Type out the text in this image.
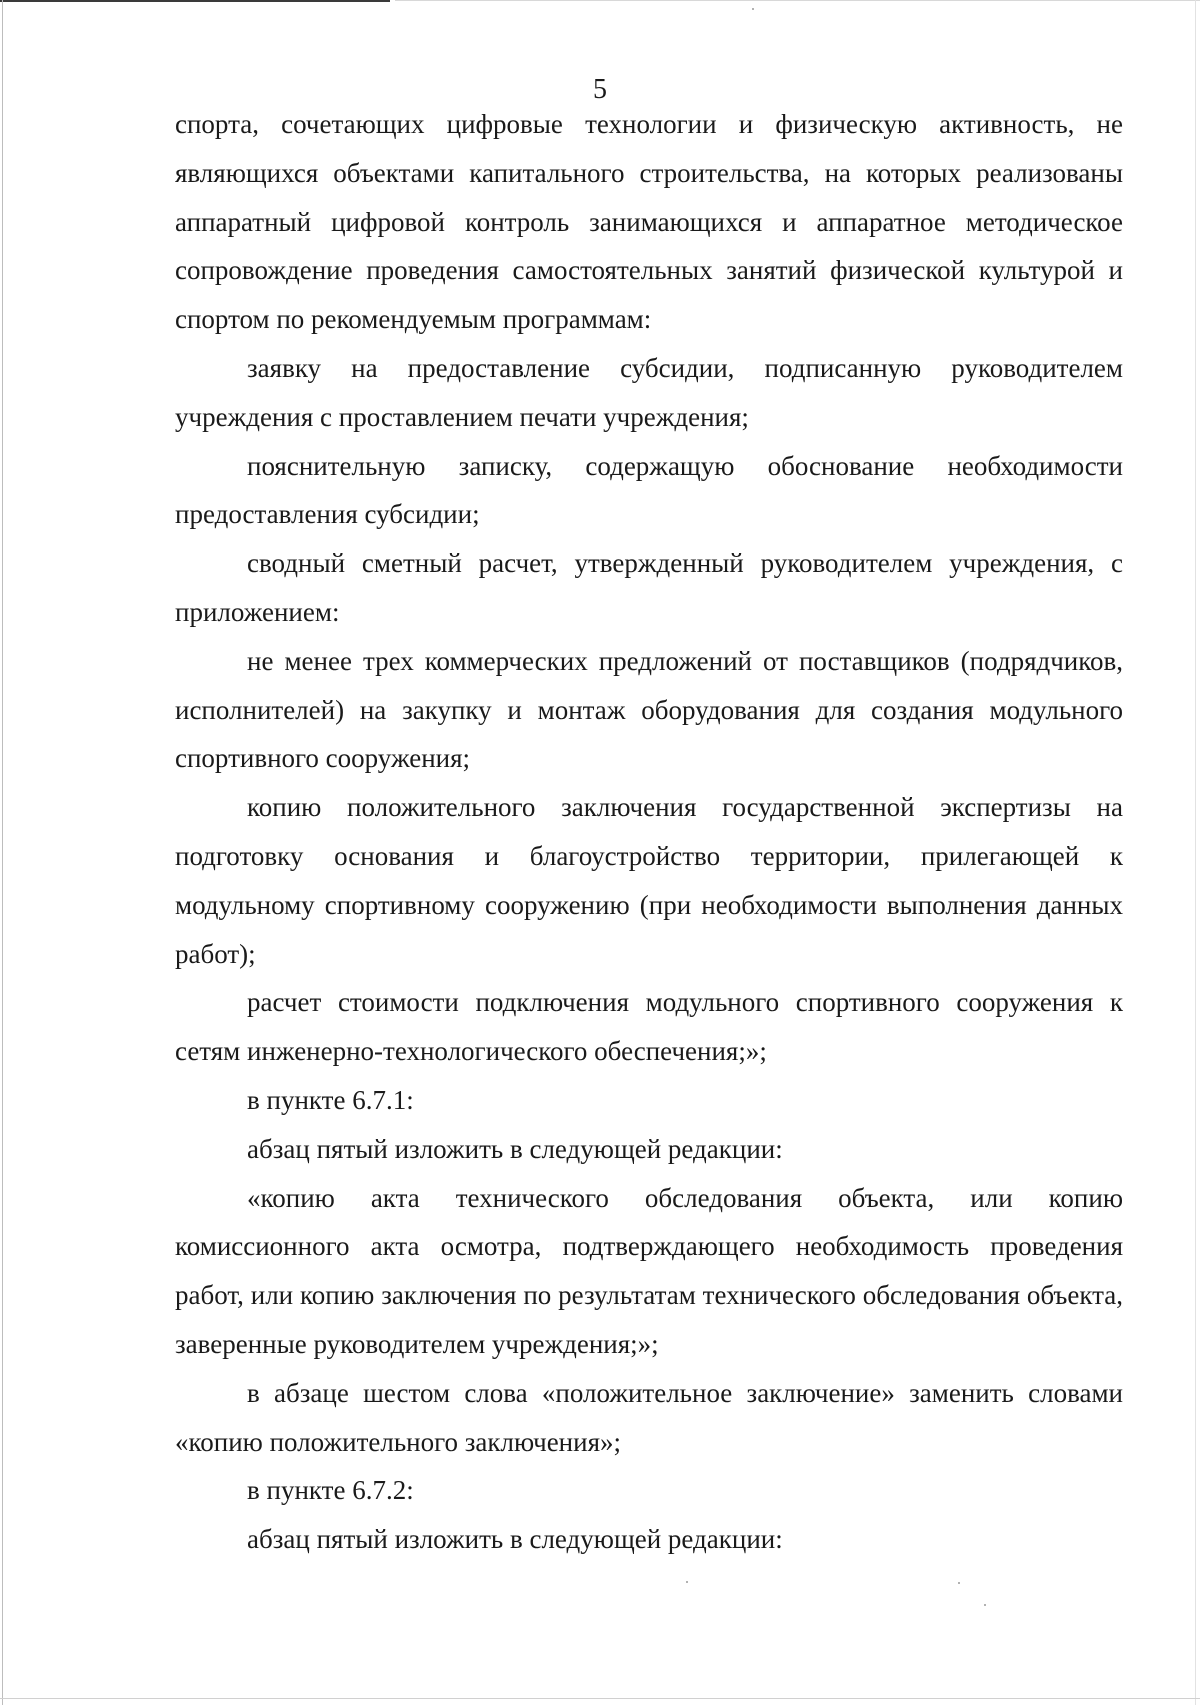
5

спорта, сочетающих цифровые технологии и физическую активность, не являющихся объектами капитального строительства, на которых реализованы аппаратный цифровой контроль занимающихся и аппаратное методическое сопровождение проведения самостоятельных занятий физической культурой и спортом по рекомендуемым программам:

заявку на предоставление субсидии, подписанную руководителем учреждения с проставлением печати учреждения;

пояснительную записку, содержащую обоснование необходимости предоставления субсидии;

сводный сметный расчет, утвержденный руководителем учреждения, с приложением:

не менее трех коммерческих предложений от поставщиков (подрядчиков, исполнителей) на закупку и монтаж оборудования для создания модульного спортивного сооружения;

копию положительного заключения государственной экспертизы на подготовку основания и благоустройство территории, прилегающей к модульному спортивному сооружению (при необходимости выполнения данных работ);

расчет стоимости подключения модульного спортивного сооружения к сетям инженерно-технологического обеспечения;»;

в пункте 6.7.1:

абзац пятый изложить в следующей редакции:

«копию акта технического обследования объекта, или копию комиссионного акта осмотра, подтверждающего необходимость проведения работ, или копию заключения по результатам технического обследования объекта, заверенные руководителем учреждения;»;

в абзаце шестом слова «положительное заключение» заменить словами «копию положительного заключения»;

в пункте 6.7.2:

абзац пятый изложить в следующей редакции:
